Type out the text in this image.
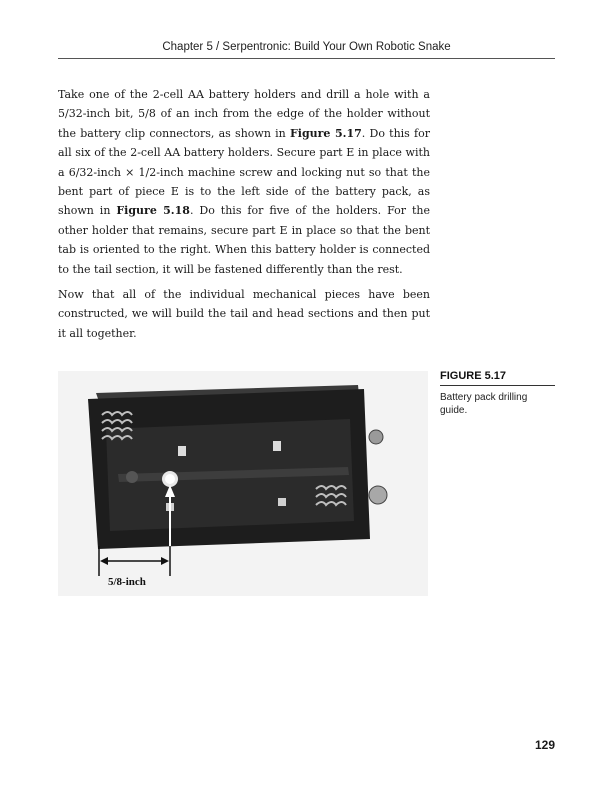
Chapter 5 / Serpentronic: Build Your Own Robotic Snake

Take one of the 2-cell AA battery holders and drill a hole with a 5/32-inch bit, 5/8 of an inch from the edge of the holder without the battery clip connectors, as shown in Figure 5.17. Do this for all six of the 2-cell AA battery holders. Secure part E in place with a 6/32-inch × 1/2-inch machine screw and locking nut so that the bent part of piece E is to the left side of the battery pack, as shown in Figure 5.18. Do this for five of the holders. For the other holder that remains, secure part E in place so that the bent tab is oriented to the right. When this battery holder is connected to the tail section, it will be fastened differently than the rest.

Now that all of the individual mechanical pieces have been constructed, we will build the tail and head sections and then put it all together.

5/8-inch
FIGURE 5.17
Battery pack drilling guide.
129
